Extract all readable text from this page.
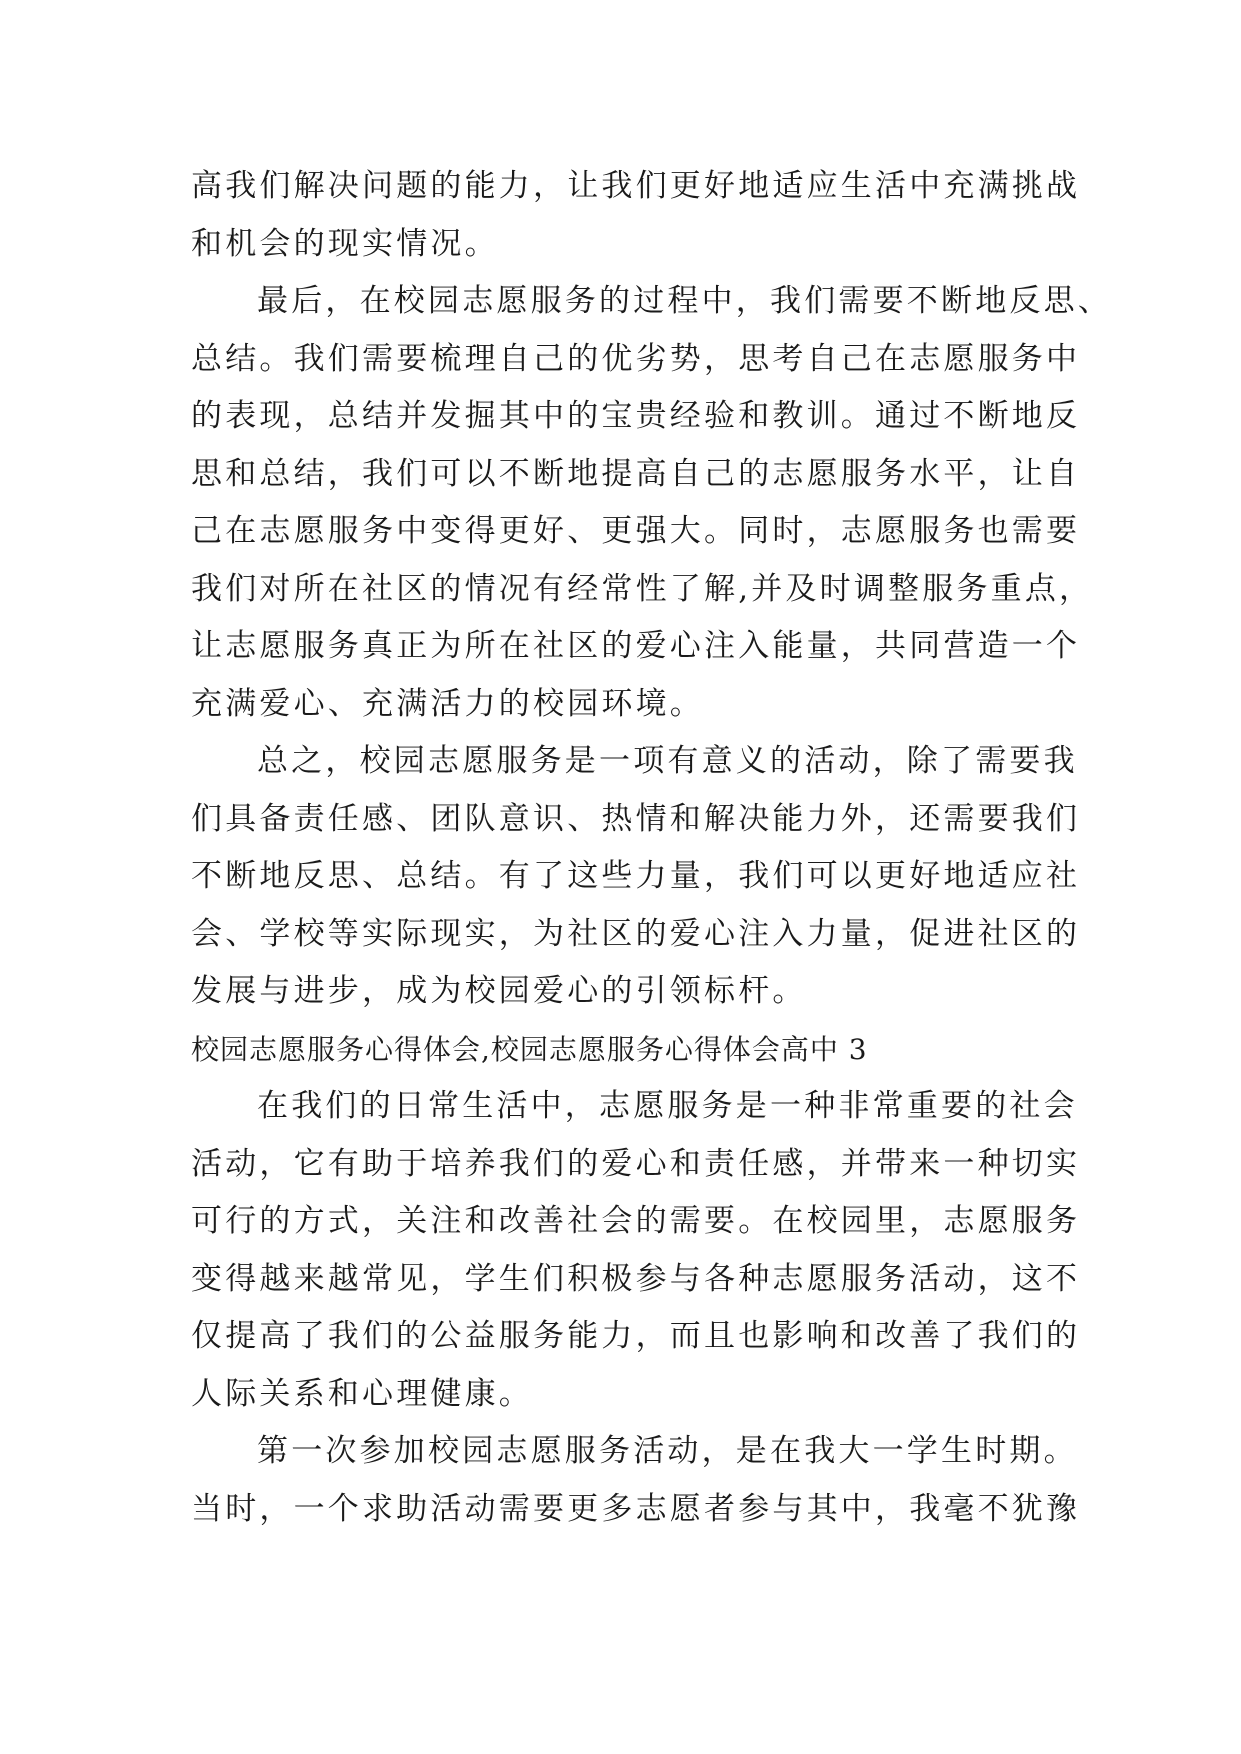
高我们解决问题的能力，让我们更好地适应生活中充满挑战

和机会的现实情况。

最后，在校园志愿服务的过程中，我们需要不断地反思、

总结。我们需要梳理自己的优劣势，思考自己在志愿服务中

的表现，总结并发掘其中的宝贵经验和教训。通过不断地反

思和总结，我们可以不断地提高自己的志愿服务水平，让自

己在志愿服务中变得更好、更强大。同时，志愿服务也需要

我们对所在社区的情况有经常性了解,并及时调整服务重点，

让志愿服务真正为所在社区的爱心注入能量，共同营造一个

充满爱心、充满活力的校园环境。

总之，校园志愿服务是一项有意义的活动，除了需要我

们具备责任感、团队意识、热情和解决能力外，还需要我们

不断地反思、总结。有了这些力量，我们可以更好地适应社

会、学校等实际现实，为社区的爱心注入力量，促进社区的

发展与进步，成为校园爱心的引领标杆。

校园志愿服务心得体会,校园志愿服务心得体会高中 3

在我们的日常生活中，志愿服务是一种非常重要的社会

活动，它有助于培养我们的爱心和责任感，并带来一种切实

可行的方式，关注和改善社会的需要。在校园里，志愿服务

变得越来越常见，学生们积极参与各种志愿服务活动，这不

仅提高了我们的公益服务能力，而且也影响和改善了我们的

人际关系和心理健康。

第一次参加校园志愿服务活动，是在我大一学生时期。

当时，一个求助活动需要更多志愿者参与其中，我毫不犹豫
